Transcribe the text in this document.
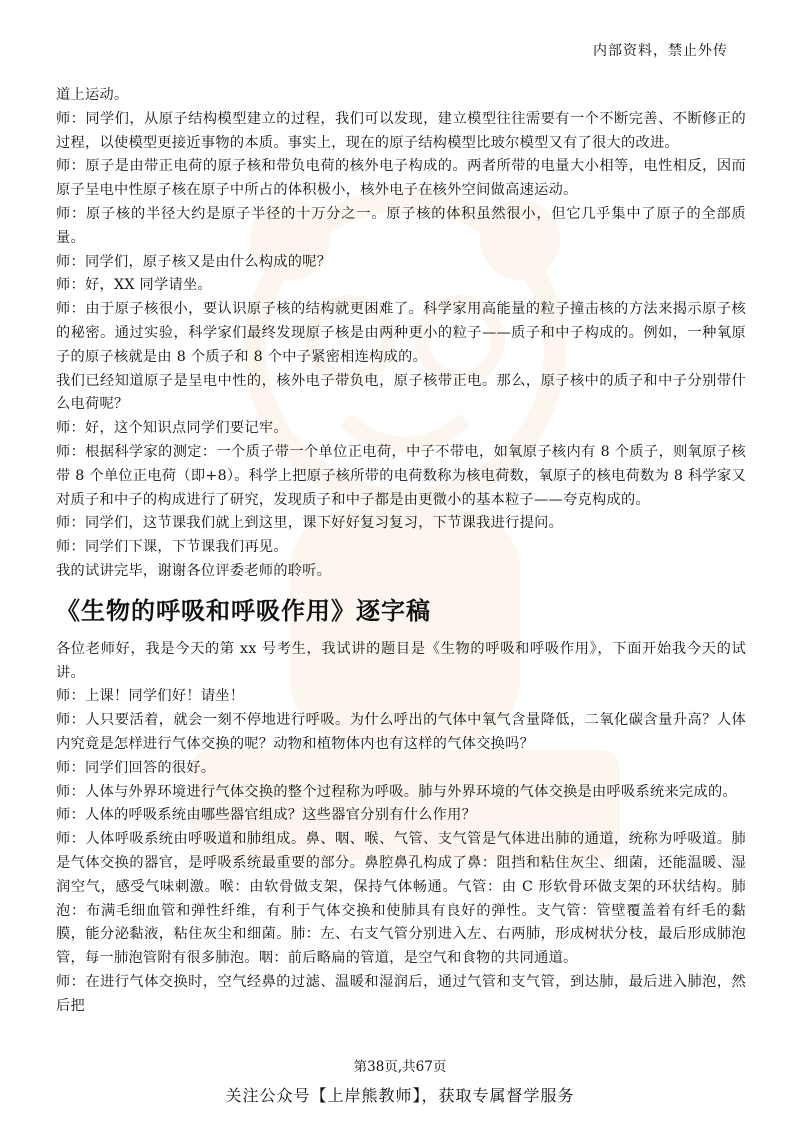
内部资料，禁止外传

道上运动。

师：同学们，从原子结构模型建立的过程，我们可以发现，建立模型往往需要有一个不断完善、不断修正的过程，以使模型更接近事物的本质。事实上，现在的原子结构模型比玻尔模型又有了很大的改进。

师：原子是由带正电荷的原子核和带负电荷的核外电子构成的。两者所带的电量大小相等，电性相反，因而原子呈电中性原子核在原子中所占的体积极小，核外电子在核外空间做高速运动。

师：原子核的半径大约是原子半径的十万分之一。原子核的体积虽然很小，但它几乎集中了原子的全部质量。

师：同学们，原子核又是由什么构成的呢？

师：好，XX 同学请坐。

师：由于原子核很小，要认识原子核的结构就更困难了。科学家用高能量的粒子撞击核的方法来揭示原子核的秘密。通过实验，科学家们最终发现原子核是由两种更小的粒子——质子和中子构成的。例如，一种氧原子的原子核就是由 8 个质子和 8 个中子紧密相连构成的。

我们已经知道原子是呈电中性的，核外电子带负电，原子核带正电。那么，原子核中的质子和中子分别带什么电荷呢？

师：好，这个知识点同学们要记牢。

师：根据科学家的测定：一个质子带一个单位正电荷，中子不带电，如氧原子核内有 8 个质子，则氧原子核带 8 个单位正电荷（即+8）。科学上把原子核所带的电荷数称为核电荷数，氧原子的核电荷数为 8 科学家又对质子和中子的构成进行了研究，发现质子和中子都是由更微小的基本粒子——夸克构成的。

师：同学们，这节课我们就上到这里，课下好好复习复习，下节课我进行提问。

师：同学们下课，下节课我们再见。

我的试讲完毕，谢谢各位评委老师的聆听。

《生物的呼吸和呼吸作用》逐字稿

各位老师好，我是今天的第 xx 号考生，我试讲的题目是《生物的呼吸和呼吸作用》，下面开始我今天的试讲。

师：上课！同学们好！请坐！

师：人只要活着，就会一刻不停地进行呼吸。为什么呼出的气体中氧气含量降低，二氧化碳含量升高？人体内究竟是怎样进行气体交换的呢？动物和植物体内也有这样的气体交换吗？

师：同学们回答的很好。

师：人体与外界环境进行气体交换的整个过程称为呼吸。肺与外界环境的气体交换是由呼吸系统来完成的。

师：人体的呼吸系统由哪些器官组成？这些器官分别有什么作用？

师：人体呼吸系统由呼吸道和肺组成。鼻、咽、喉、气管、支气管是气体进出肺的通道，统称为呼吸道。肺是气体交换的器官，是呼吸系统最重要的部分。鼻腔鼻孔构成了鼻：阻挡和粘住灰尘、细菌，还能温暖、湿润空气，感受气味刺激。喉：由软骨做支架，保持气体畅通。气管：由 C 形软骨环做支架的环状结构。肺泡：布满毛细血管和弹性纤维，有利于气体交换和使肺具有良好的弹性。支气管：管壁覆盖着有纤毛的黏膜，能分泌黏液，粘住灰尘和细菌。肺：左、右支气管分别进入左、右两肺，形成树状分枝，最后形成肺泡管，每一肺泡管附有很多肺泡。咽：前后略扁的管道，是空气和食物的共同通道。

师：在进行气体交换时，空气经鼻的过滤、温暖和湿润后，通过气管和支气管，到达肺，最后进入肺泡，然后把

第38页,共67页
关注公众号【上岸熊教师】，获取专属督学服务
